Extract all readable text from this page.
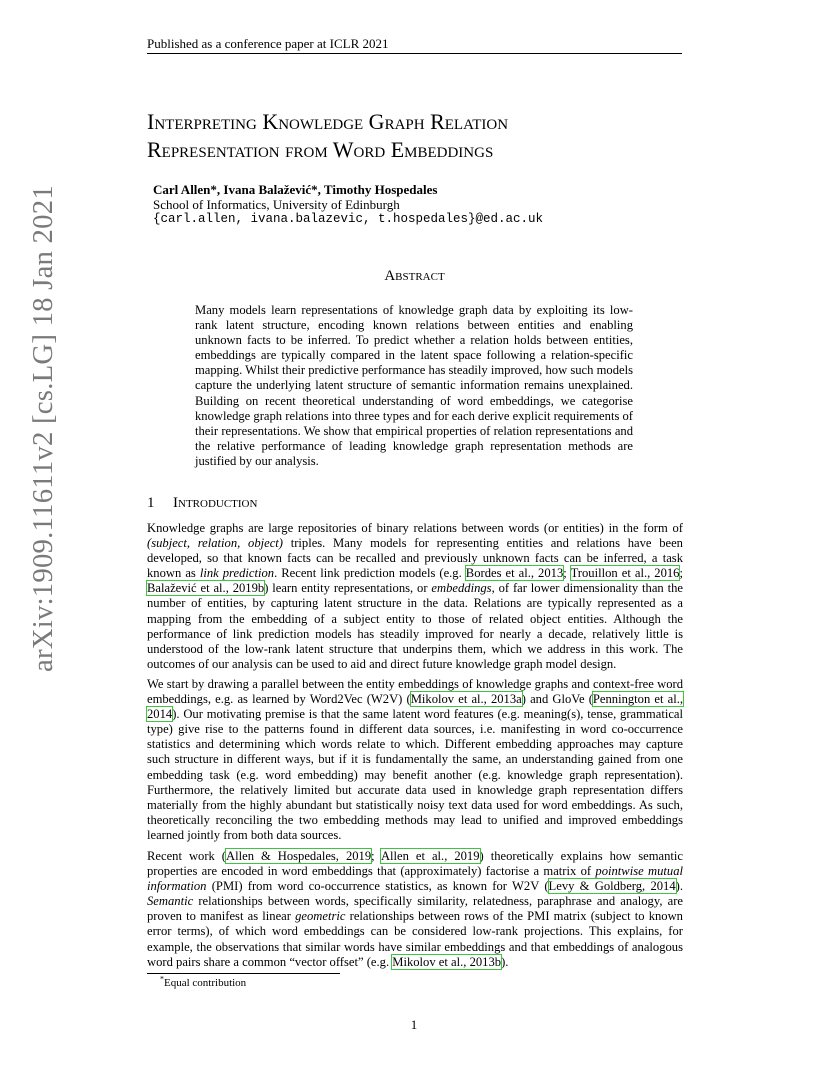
Published as a conference paper at ICLR 2021
arXiv:1909.11611v2 [cs.LG] 18 Jan 2021
Interpreting Knowledge Graph Relation
Representation from Word Embeddings
Carl Allen*, Ivana Balažević*, Timothy Hospedales
School of Informatics, University of Edinburgh
{carl.allen, ivana.balazevic, t.hospedales}@ed.ac.uk
Abstract
Many models learn representations of knowledge graph data by exploiting its low-rank latent structure, encoding known relations between entities and enabling unknown facts to be inferred. To predict whether a relation holds between entities, embeddings are typically compared in the latent space following a relation-specific mapping. Whilst their predictive performance has steadily improved, how such models capture the underlying latent structure of semantic information remains unexplained. Building on recent theoretical understanding of word embeddings, we categorise knowledge graph relations into three types and for each derive explicit requirements of their representations. We show that empirical properties of relation representations and the relative performance of leading knowledge graph representation methods are justified by our analysis.
1 Introduction
Knowledge graphs are large repositories of binary relations between words (or entities) in the form of (subject, relation, object) triples. Many models for representing entities and relations have been developed, so that known facts can be recalled and previously unknown facts can be inferred, a task known as link prediction. Recent link prediction models (e.g. Bordes et al., 2013; Trouillon et al., 2016; Balažević et al., 2019b) learn entity representations, or embeddings, of far lower dimensionality than the number of entities, by capturing latent structure in the data. Relations are typically represented as a mapping from the embedding of a subject entity to those of related object entities. Although the performance of link prediction models has steadily improved for nearly a decade, relatively little is understood of the low-rank latent structure that underpins them, which we address in this work. The outcomes of our analysis can be used to aid and direct future knowledge graph model design.
We start by drawing a parallel between the entity embeddings of knowledge graphs and context-free word embeddings, e.g. as learned by Word2Vec (W2V) (Mikolov et al., 2013a) and GloVe (Pennington et al., 2014). Our motivating premise is that the same latent word features (e.g. meaning(s), tense, grammatical type) give rise to the patterns found in different data sources, i.e. manifesting in word co-occurrence statistics and determining which words relate to which. Different embedding approaches may capture such structure in different ways, but if it is fundamentally the same, an understanding gained from one embedding task (e.g. word embedding) may benefit another (e.g. knowledge graph representation). Furthermore, the relatively limited but accurate data used in knowledge graph representation differs materially from the highly abundant but statistically noisy text data used for word embeddings. As such, theoretically reconciling the two embedding methods may lead to unified and improved embeddings learned jointly from both data sources.
Recent work (Allen & Hospedales, 2019; Allen et al., 2019) theoretically explains how semantic properties are encoded in word embeddings that (approximately) factorise a matrix of pointwise mutual information (PMI) from word co-occurrence statistics, as known for W2V (Levy & Goldberg, 2014). Semantic relationships between words, specifically similarity, relatedness, paraphrase and analogy, are proven to manifest as linear geometric relationships between rows of the PMI matrix (subject to known error terms), of which word embeddings can be considered low-rank projections. This explains, for example, the observations that similar words have similar embeddings and that embeddings of analogous word pairs share a common “vector offset” (e.g. Mikolov et al., 2013b).
*Equal contribution
1
